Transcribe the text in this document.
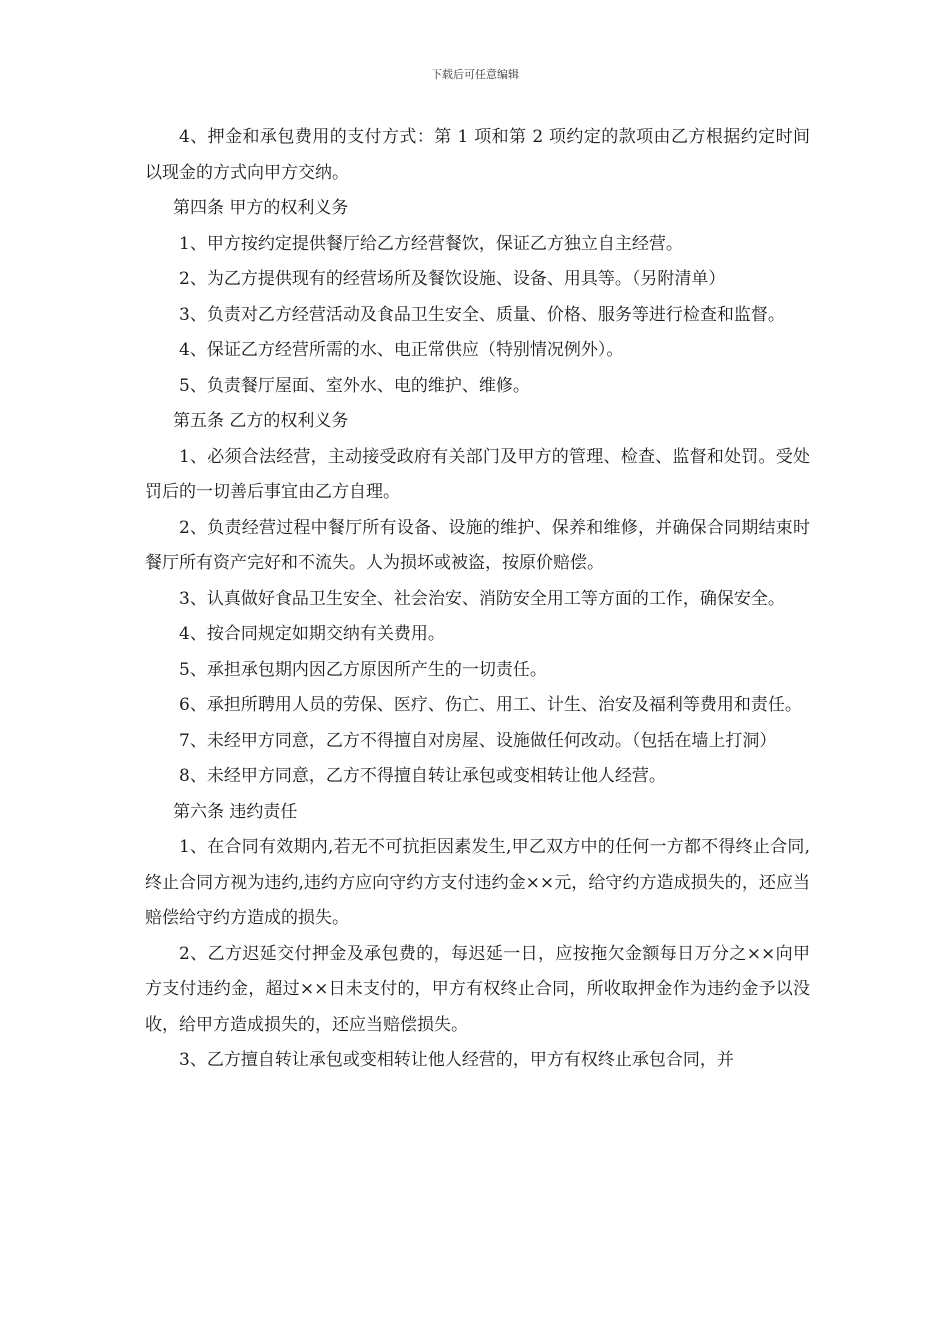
下载后可任意编辑

4、押金和承包费用的支付方式：第 1 项和第 2 项约定的款项由乙方根据约定时间以现金的方式向甲方交纳。

第四条 甲方的权利义务

1、甲方按约定提供餐厅给乙方经营餐饮，保证乙方独立自主经营。

2、为乙方提供现有的经营场所及餐饮设施、设备、用具等。（另附清单）

3、负责对乙方经营活动及食品卫生安全、质量、价格、服务等进行检查和监督。

4、保证乙方经营所需的水、电正常供应（特别情况例外）。

5、负责餐厅屋面、室外水、电的维护、维修。

第五条 乙方的权利义务

1、必须合法经营，主动接受政府有关部门及甲方的管理、检查、监督和处罚。受处罚后的一切善后事宜由乙方自理。

2、负责经营过程中餐厅所有设备、设施的维护、保养和维修，并确保合同期结束时餐厅所有资产完好和不流失。人为损坏或被盗，按原价赔偿。

3、认真做好食品卫生安全、社会治安、消防安全用工等方面的工作，确保安全。

4、按合同规定如期交纳有关费用。

5、承担承包期内因乙方原因所产生的一切责任。

6、承担所聘用人员的劳保、医疗、伤亡、用工、计生、治安及福利等费用和责任。

7、未经甲方同意，乙方不得擅自对房屋、设施做任何改动。（包括在墙上打洞）

8、未经甲方同意，乙方不得擅自转让承包或变相转让他人经营。

第六条 违约责任

1、在合同有效期内,若无不可抗拒因素发生,甲乙双方中的任何一方都不得终止合同,终止合同方视为违约,违约方应向守约方支付违约金××元，给守约方造成损失的，还应当赔偿给守约方造成的损失。

2、乙方迟延交付押金及承包费的，每迟延一日，应按拖欠金额每日万分之××向甲方支付违约金，超过××日未支付的，甲方有权终止合同，所收取押金作为违约金予以没收，给甲方造成损失的，还应当赔偿损失。

3、乙方擅自转让承包或变相转让他人经营的，甲方有权终止承包合同，并
